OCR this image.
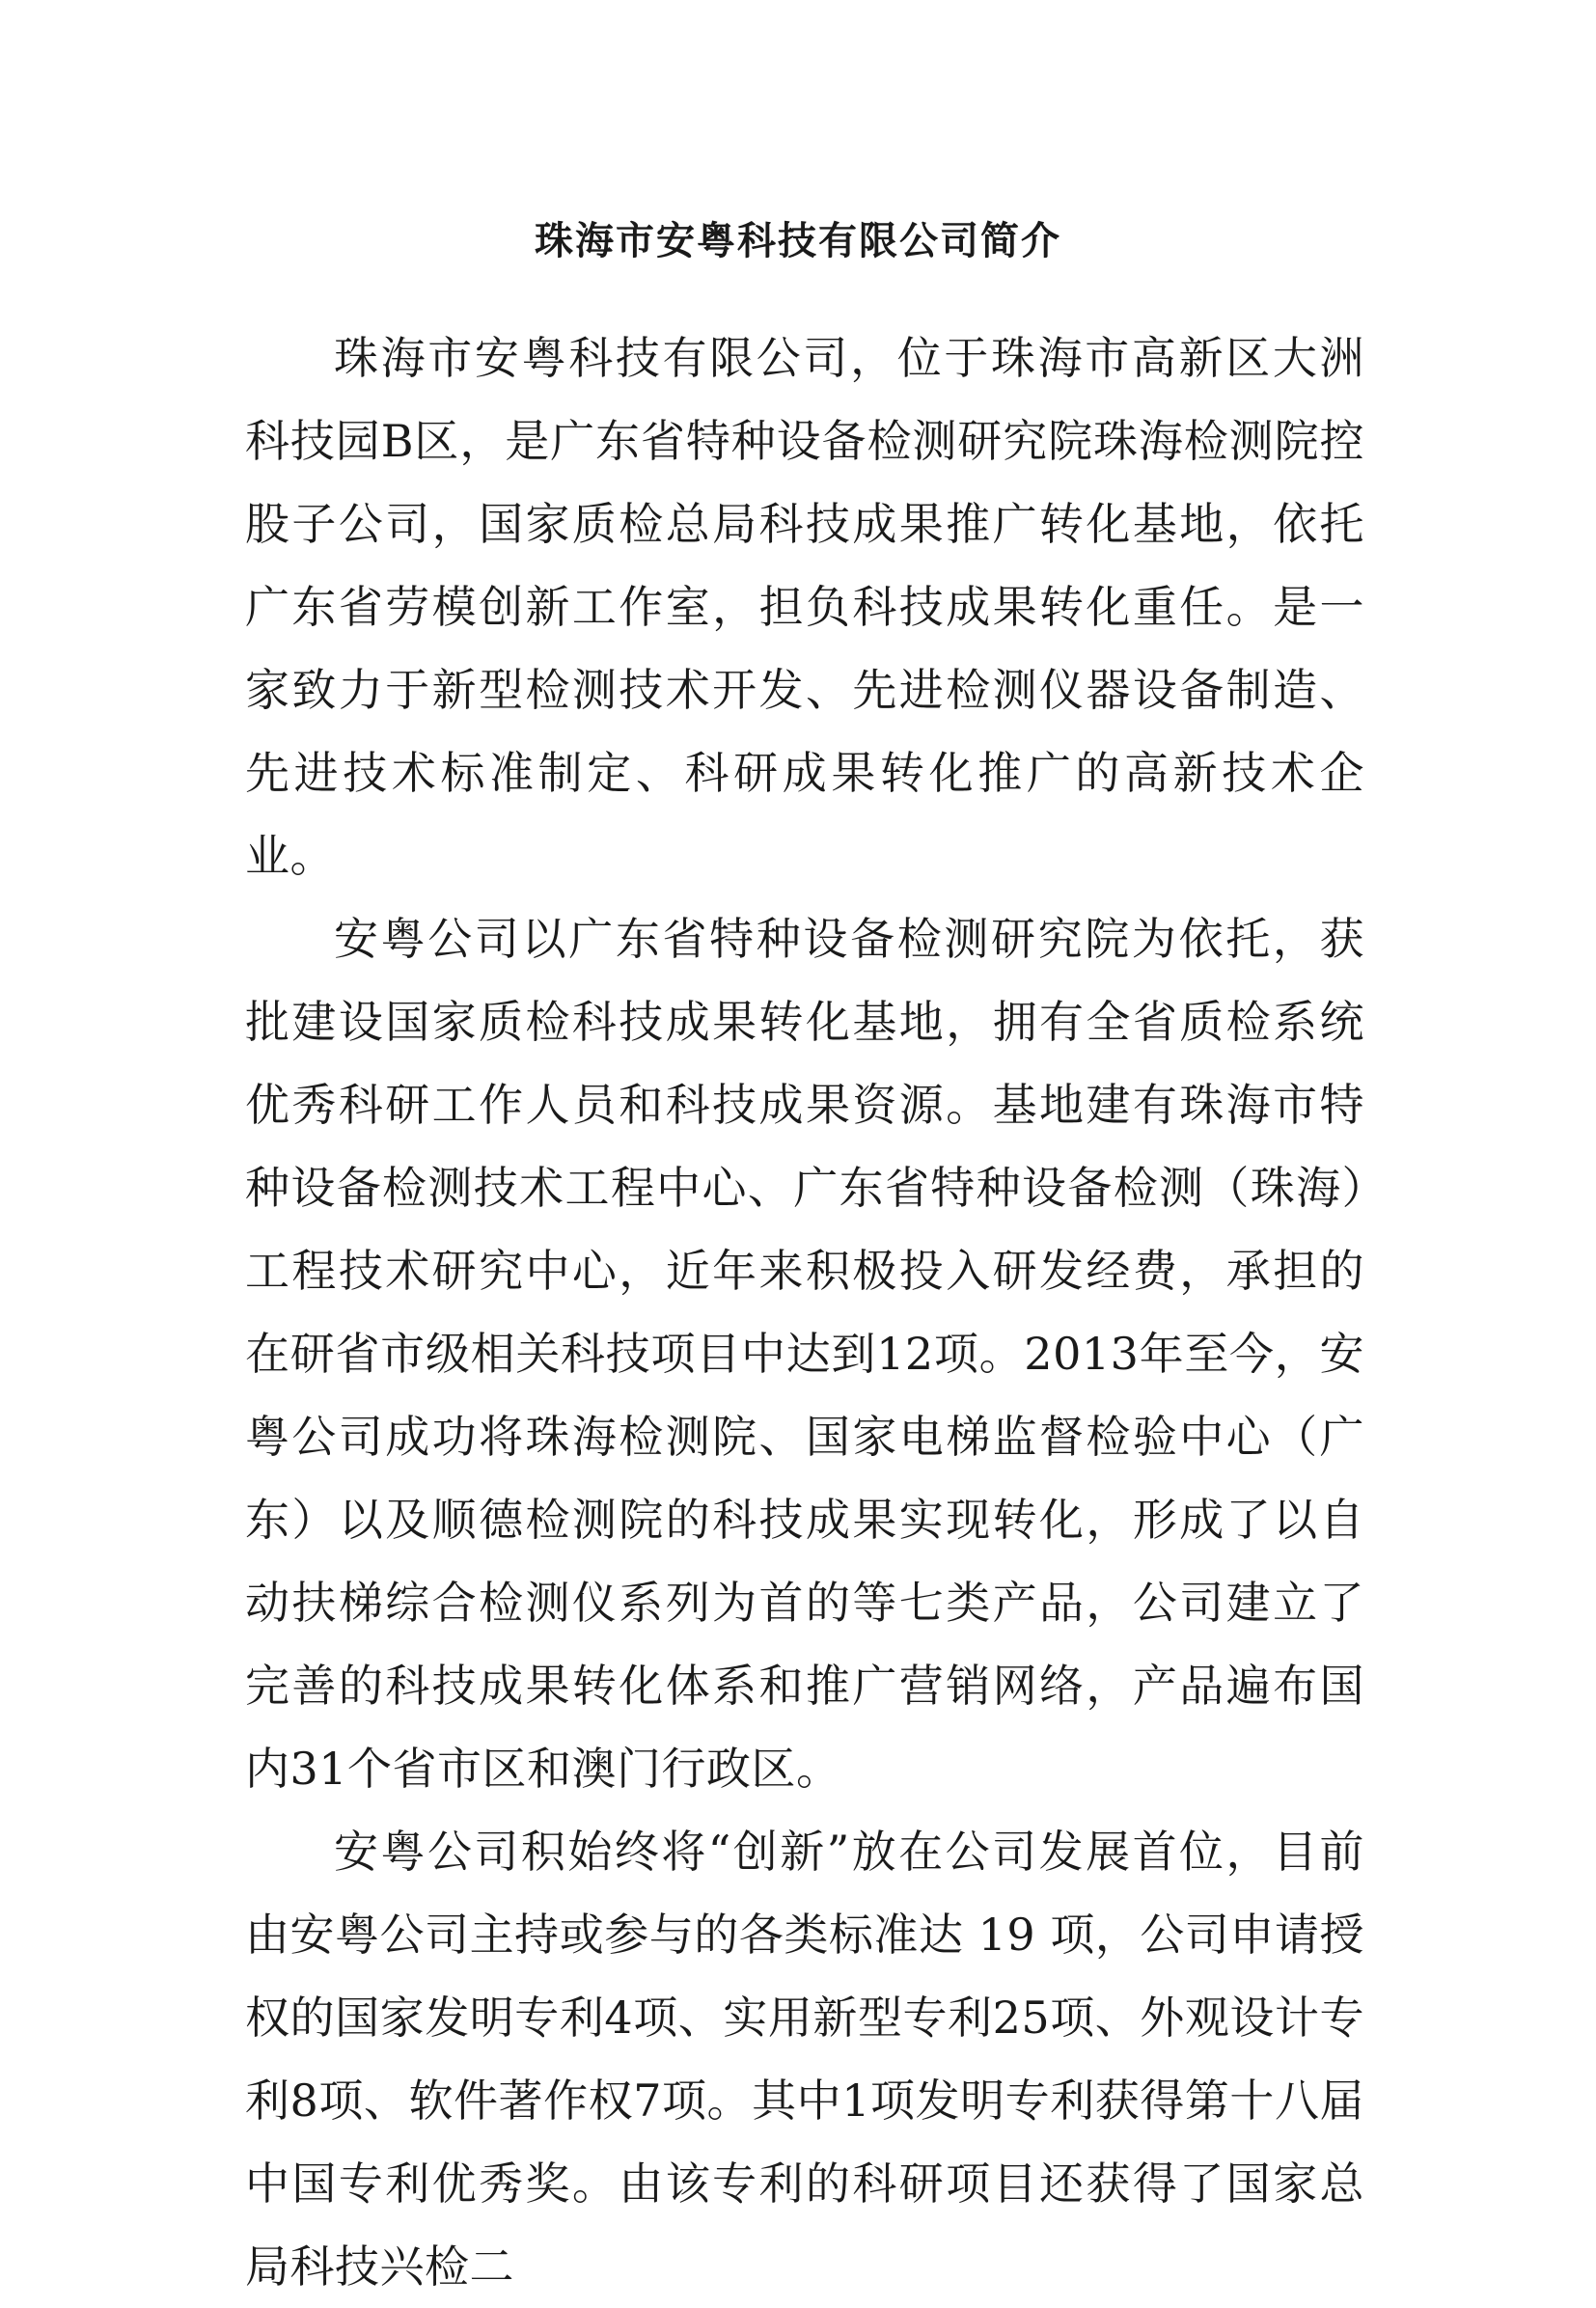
珠海市安粤科技有限公司简介

珠海市安粤科技有限公司，位于珠海市高新区大洲科技园B区，是广东省特种设备检测研究院珠海检测院控股子公司，国家质检总局科技成果推广转化基地，依托广东省劳模创新工作室，担负科技成果转化重任。是一家致力于新型检测技术开发、先进检测仪器设备制造、先进技术标准制定、科研成果转化推广的高新技术企业。

安粤公司以广东省特种设备检测研究院为依托，获批建设国家质检科技成果转化基地，拥有全省质检系统优秀科研工作人员和科技成果资源。基地建有珠海市特种设备检测技术工程中心、广东省特种设备检测（珠海）工程技术研究中心，近年来积极投入研发经费，承担的在研省市级相关科技项目中达到12项。2013年至今，安粤公司成功将珠海检测院、国家电梯监督检验中心（广东）以及顺德检测院的科技成果实现转化，形成了以自动扶梯综合检测仪系列为首的等七类产品，公司建立了完善的科技成果转化体系和推广营销网络，产品遍布国内31个省市区和澳门行政区。

安粤公司积始终将“创新”放在公司发展首位，目前由安粤公司主持或参与的各类标准达 19 项，公司申请授权的国家发明专利4项、实用新型专利25项、外观设计专利8项、软件著作权7项。其中1项发明专利获得第十八届中国专利优秀奖。由该专利的科研项目还获得了国家总局科技兴检二
